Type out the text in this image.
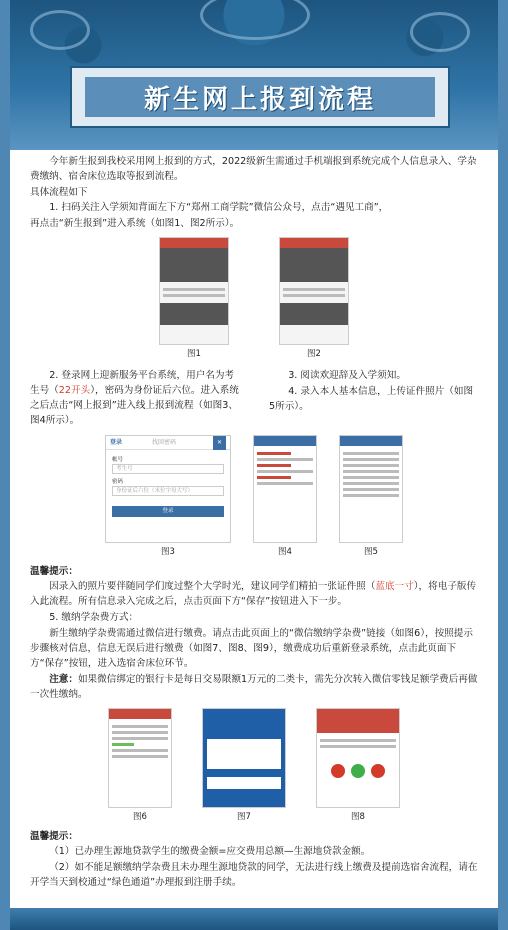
新生网上报到流程

今年新生报到我校采用网上报到的方式，2022级新生需通过手机端报到系统完成个人信息录入、学杂费缴纳、宿舍床位选取等报到流程。

具体流程如下

1. 扫码关注入学须知背面左下方“郑州工商学院”微信公众号，点击“遇见工商”，

再点击“新生报到”进入系统（如图1、图2所示）。

图1	图2

2. 登录网上迎新服务平台系统，用户名为考生号（22开头），密码为身份证后六位。进入系统之后点击“网上报到”进入线上报到流程（如图3、图4所示）。

3. 阅读欢迎辞及入学须知。

4. 录入本人基本信息，上传证件照片（如图5所示）。

登录	找回密码	✕
帐号
考生号
密码
身份证后六位（末位字母大写）
登录
图3	图4	图5

温馨提示：

因录入的照片要伴随同学们度过整个大学时光，建议同学们精拍一张证件照（蓝底一寸），将电子版传入此流程。所有信息录入完成之后，点击页面下方“保存”按钮进入下一步。

5. 缴纳学杂费方式：

新生缴纳学杂费需通过微信进行缴费。请点击此页面上的“微信缴纳学杂费”链接（如图6），按照提示步骤核对信息，信息无误后进行缴费（如图7、图8、图9），缴费成功后重新登录系统，点击此页面下方“保存”按钮，进入选宿舍床位环节。

注意：如果微信绑定的银行卡是每日交易限额1万元的二类卡，需先分次转入微信零钱足额学费后再做一次性缴纳。

图6	图7	图8

温馨提示：

（1）已办理生源地贷款学生的缴费金额=应交费用总额—生源地贷款金额。

（2）如不能足额缴纳学杂费且未办理生源地贷款的同学，无法进行线上缴费及提前选宿舍流程，请在开学当天到校通过“绿色通道”办理报到注册手续。
